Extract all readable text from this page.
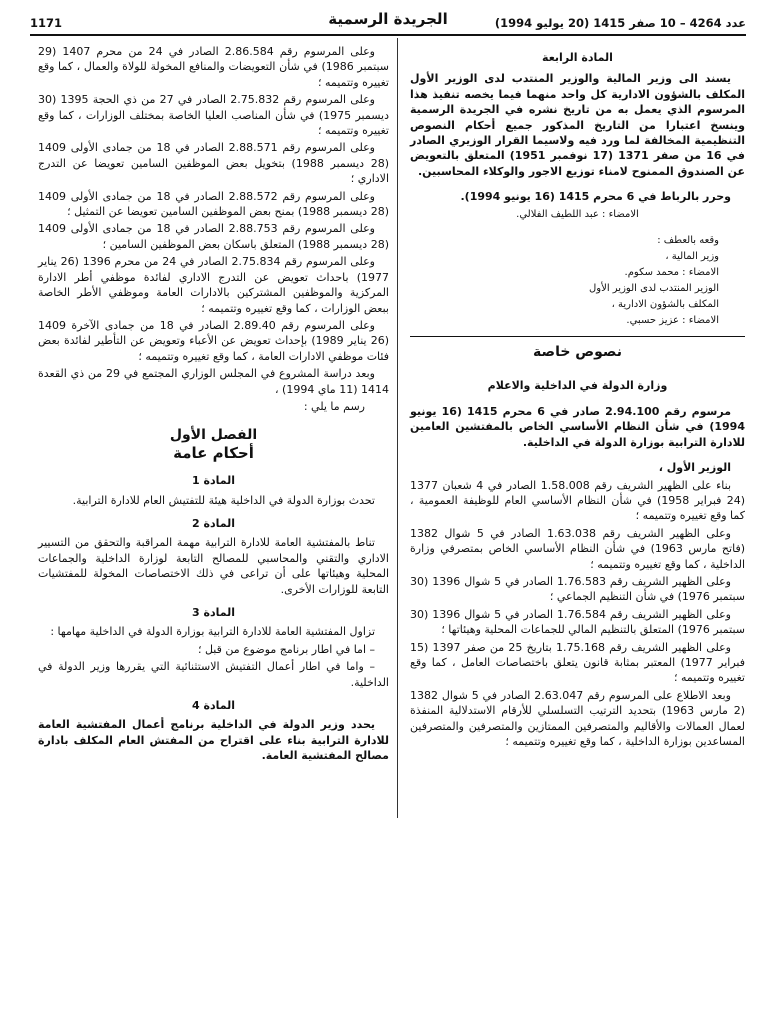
عدد 4264 – 10 صفر 1415 (20 يوليو 1994)
الجريدة الرسمية
1171
المادة الرابعة

يسند الى وزير المالية والوزير المنتدب لدى الوزير الأول المكلف بالشؤون الادارية كل واحد منهما فيما يخصه تنفيذ هذا المرسوم الذي يعمل به من تاريخ نشره في الجريدة الرسمية وينسخ اعتبارا من التاريخ المذكور جميع أحكام النصوص التنظيمية المخالفة لما ورد فيه ولاسيما القرار الوزيري الصادر في 16 من صفر 1371 (17 نوفمبر 1951) المتعلق بالتعويض عن الصندوق الممنوح لامناء توزيع الاجور والوكلاء المحاسبين.

وحرر بالرباط في 6 محرم 1415 (16 يونيو 1994).

الامضاء : عبد اللطيف الفلالي.

وقعه بالعطف :
وزير المالية ،
الامضاء : محمد سكوم.
الوزير المنتدب لدى الوزير الأول
المكلف بالشؤون الادارية ،
الامضاء : عزيز حسبي.
نصوص خاصة
وزارة الدولة في الداخلية والاعلام

مرسوم رقم 2.94.100 صادر في 6 محرم 1415 (16 يونيو 1994) في شأن النظام الأساسي الخاص بالمفتشين العامين للادارة الترابية بوزارة الدولة في الداخلية.

الوزير الأول ،

بناء على الظهير الشريف رقم 1.58.008 الصادر في 4 شعبان 1377 (24 فبراير 1958) في شأن النظام الأساسي العام للوظيفة العمومية ، كما وقع تغييره وتتميمه ؛

وعلى الظهير الشريف رقم 1.63.038 الصادر في 5 شوال 1382 (فاتح مارس 1963) في شأن النظام الأساسي الخاص بمتصرفي وزارة الداخلية ، كما وقع تغييره وتتميمه ؛

وعلى الظهير الشريف رقم 1.76.583 الصادر في 5 شوال 1396 (30 سبتمبر 1976) في شأن التنظيم الجماعي ؛

وعلى الظهير الشريف رقم 1.76.584 الصادر في 5 شوال 1396 (30 سبتمبر 1976) المتعلق بالتنظيم المالي للجماعات المحلية وهيئاتها ؛

وعلى الظهير الشريف رقم 1.75.168 بتاريخ 25 من صفر 1397 (15 فبراير 1977) المعتبر بمثابة قانون يتعلق باختصاصات العامل ، كما وقع تغييره وتتميمه ؛

وبعد الاطلاع على المرسوم رقم 2.63.047 الصادر في 5 شوال 1382 (2 مارس 1963) بتحديد الترتيب التسلسلي للأرقام الاستدلالية المنفذة لعمال العمالات والأقاليم والمتصرفين الممتازين والمتصرفين والمتصرفين المساعدين بوزارة الداخلية ، كما وقع تغييره وتتميمه ؛

وعلى المرسوم رقم 2.86.584 الصادر في 24 من محرم 1407 (29 سبتمبر 1986) في شأن التعويضات والمنافع المخولة للولاة والعمال ، كما وقع تغييره وتتميمه ؛

وعلى المرسوم رقم 2.75.832 الصادر في 27 من ذي الحجة 1395 (30 ديسمبر 1975) في شأن المناصب العليا الخاصة بمختلف الوزارات ، كما وقع تغييره وتتميمه ؛

وعلى المرسوم رقم 2.88.571 الصادر في 18 من جمادى الأولى 1409 (28 ديسمبر 1988) بتخويل بعض الموظفين السامين تعويضا عن التدرج الاداري ؛

وعلى المرسوم رقم 2.88.572 الصادر في 18 من جمادى الأولى 1409 (28 ديسمبر 1988) بمنح بعض الموظفين السامين تعويضا عن التمثيل ؛

وعلى المرسوم رقم 2.88.753 الصادر في 18 من جمادى الأولى 1409 (28 ديسمبر 1988) المتعلق باسكان بعض الموظفين السامين ؛

وعلى المرسوم رقم 2.75.834 الصادر في 24 من محرم 1396 (26 يناير 1977) باحداث تعويض عن التدرج الاداري لفائدة موظفي أطر الادارة المركزية والموظفين المشتركين بالادارات العامة وموظفي الأطر الخاصة ببعض الوزارات ، كما وقع تغييره وتتميمه ؛

وعلى المرسوم رقم 2.89.40 الصادر في 18 من جمادى الآخرة 1409 (26 يناير 1989) بإحداث تعويض عن الأعباء وتعويض عن التأطير لفائدة بعض فئات موظفي الادارات العامة ، كما وقع تغييره وتتميمه ؛

وبعد دراسة المشروع في المجلس الوزاري المجتمع في 29 من ذي القعدة 1414 (11 ماي 1994) ،

رسم ما يلي :

الفصل الأول
أحكام عامة
المادة 1

تحدث بوزارة الدولة في الداخلية هيئة للتفتيش العام للادارة الترابية.

المادة 2

تناط بالمفتشية العامة للادارة الترابية مهمة المراقبة والتحقق من التسيير الاداري والتقني والمحاسبي للمصالح التابعة لوزارة الداخلية والجماعات المحلية وهيئاتها على أن تراعى في ذلك الاختصاصات المخولة للمفتشيات التابعة للوزارات الأخرى.

المادة 3

تزاول المفتشية العامة للادارة الترابية بوزارة الدولة في الداخلية مهامها :

– اما في اطار برنامج موضوع من قبل ؛

– واما في اطار أعمال التفتيش الاستثنائية التي يقررها وزير الدولة في الداخلية.

المادة 4

يحدد وزير الدولة في الداخلية برنامج أعمال المفتشية العامة للادارة الترابية بناء على اقتراح من المفتش العام المكلف بادارة مصالح المفتشية العامة.
